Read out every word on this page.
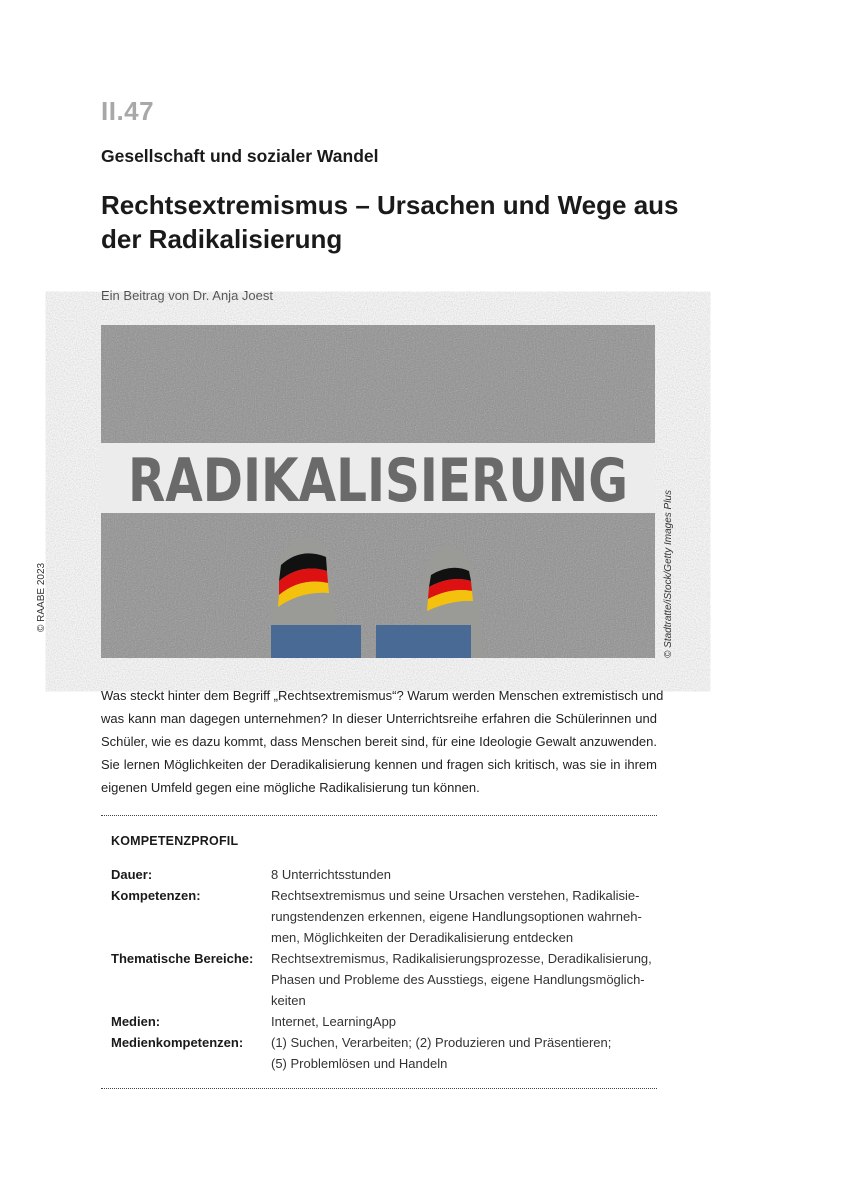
II.47
Gesellschaft und sozialer Wandel
Rechtsextremismus – Ursachen und Wege aus der Radikalisierung
Ein Beitrag von Dr. Anja Joest
RADIKALISIERUNG
© Stadtratte/iStock/Getty Images Plus
© RAABE 2023
Was steckt hinter dem Begriff „Rechtsextremismus“? Warum werden Menschen extremistisch und
was kann man dagegen unternehmen? In dieser Unterrichtsreihe erfahren die Schülerinnen und
Schüler, wie es dazu kommt, dass Menschen bereit sind, für eine Ideologie Gewalt anzuwenden.
Sie lernen Möglichkeiten der Deradikalisierung kennen und fragen sich kritisch, was sie in ihrem
eigenen Umfeld gegen eine mögliche Radikalisierung tun können.
KOMPETENZPROFIL
Dauer:	8 Unterrichtsstunden
Kompetenzen:	Rechtsextremismus und seine Ursachen verstehen, Radikalisie-
rungstendenzen erkennen, eigene Handlungsoptionen wahrneh-
men, Möglichkeiten der Deradikalisierung entdecken
Thematische Bereiche:	Rechtsextremismus, Radikalisierungsprozesse, Deradikalisierung,
Phasen und Probleme des Ausstiegs, eigene Handlungsmöglich-
keiten
Medien:	Internet, LearningApp
Medienkompetenzen:	(1) Suchen, Verarbeiten; (2) Produzieren und Präsentieren;
(5) Problemlösen und Handeln
